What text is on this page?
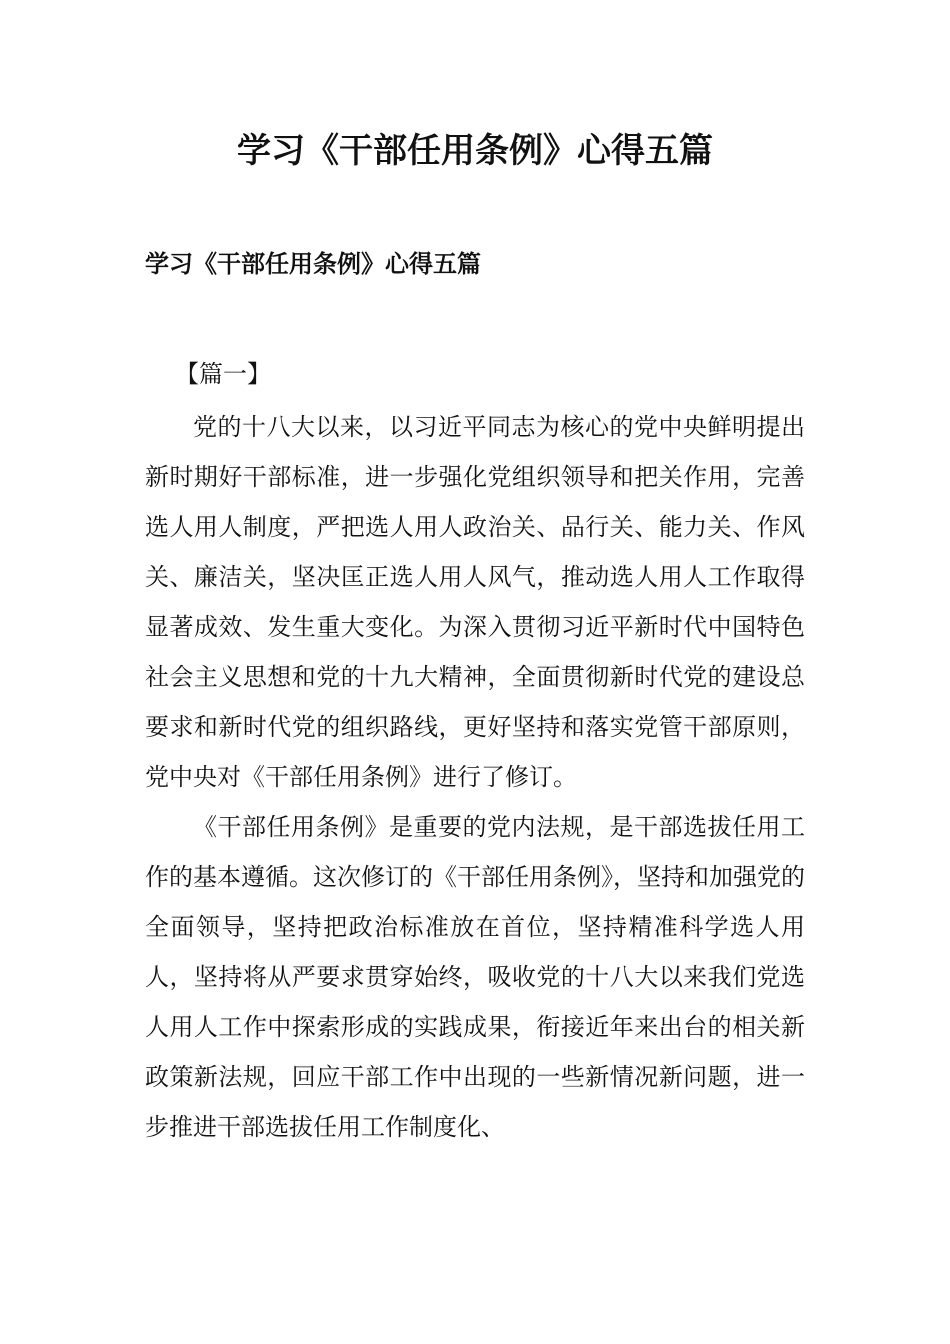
学习《干部任用条例》心得五篇
学习《干部任用条例》心得五篇

【篇一】

党的十八大以来，以习近平同志为核心的党中央鲜明提出新时期好干部标准，进一步强化党组织领导和把关作用，完善选人用人制度，严把选人用人政治关、品行关、能力关、作风关、廉洁关，坚决匡正选人用人风气，推动选人用人工作取得显著成效、发生重大变化。为深入贯彻习近平新时代中国特色社会主义思想和党的十九大精神，全面贯彻新时代党的建设总要求和新时代党的组织路线，更好坚持和落实党管干部原则，党中央对《干部任用条例》进行了修订。

《干部任用条例》是重要的党内法规，是干部选拔任用工作的基本遵循。这次修订的《干部任用条例》，坚持和加强党的全面领导，坚持把政治标准放在首位，坚持精准科学选人用人，坚持将从严要求贯穿始终，吸收党的十八大以来我们党选人用人工作中探索形成的实践成果，衔接近年来出台的相关新政策新法规，回应干部工作中出现的一些新情况新问题，进一步推进干部选拔任用工作制度化、
